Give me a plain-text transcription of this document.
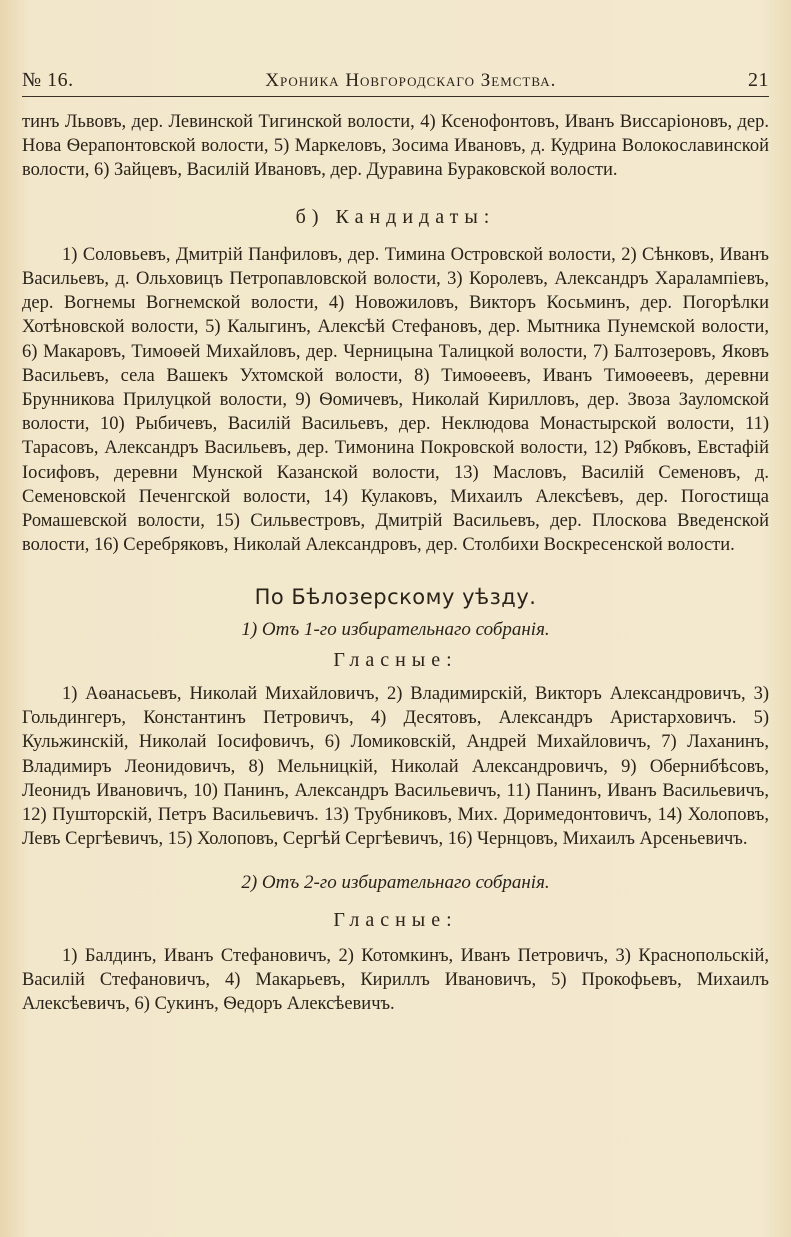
№ 16.	Хроника Новгородскаго Земства.	21

тинъ Львовъ, дер. Левинской Тигинской волости, 4) Ксенофонтовъ, Иванъ Виссаріоновъ, дер. Нова Ѳерапонтовской волости, 5) Маркеловъ, Зосима Ивановъ, д. Кудрина Волокославинской волости, 6) Зайцевъ, Василій Ивановъ, дер. Дуравина Бураковской волости.

б) Кандидаты:

1) Соловьевъ, Дмитрій Панфиловъ, дер. Тимина Островской волости, 2) Сѣнковъ, Иванъ Васильевъ, д. Ольховицъ Петропавловской волости, 3) Королевъ, Александръ Харалампіевъ, дер. Вогнемы Вогнемской волости, 4) Новожиловъ, Викторъ Косьминъ, дер. Погорѣлки Хотѣновской волости, 5) Калыгинъ, Алексѣй Стефановъ, дер. Мытника Пунемской волости, 6) Макаровъ, Тимоѳей Михайловъ, дер. Черницына Талицкой волости, 7) Балтозеровъ, Яковъ Васильевъ, села Вашекъ Ухтомской волости, 8) Тимоѳеевъ, Иванъ Тимоѳеевъ, деревни Брунникова Прилуцкой волости, 9) Ѳомичевъ, Николай Кирилловъ, дер. Звоза Зауломской волости, 10) Рыбичевъ, Василій Васильевъ, дер. Неклюдова Монастырской волости, 11) Тарасовъ, Александръ Васильевъ, дер. Тимонина Покровской волости, 12) Рябковъ, Евстафій Іосифовъ, деревни Мунской Казанской волости, 13) Масловъ, Василій Семеновъ, д. Семеновской Печенгской волости, 14) Кулаковъ, Михаилъ Алексѣевъ, дер. Погостища Ромашевской волости, 15) Сильвестровъ, Дмитрій Васильевъ, дер. Плоскова Введенской волости, 16) Серебряковъ, Николай Александровъ, дер. Столбихи Воскресенской волости.

По Бѣлозерскому уѣзду.

1) Отъ 1-го избирательнаго собранія.

Гласные:

1) Аѳанасьевъ, Николай Михайловичъ, 2) Владимирскій, Викторъ Александровичъ, 3) Гольдингеръ, Константинъ Петровичъ, 4) Десятовъ, Александръ Аристарховичъ. 5) Кульжинскій, Николай Іосифовичъ, 6) Ломиковскій, Андрей Михайловичъ, 7) Лаханинъ, Владимиръ Леонидовичъ, 8) Мельницкій, Николай Александровичъ, 9) Обернибѣсовъ, Леонидъ Ивановичъ, 10) Панинъ, Александръ Васильевичъ, 11) Панинъ, Иванъ Васильевичъ, 12) Пушторскій, Петръ Васильевичъ. 13) Трубниковъ, Мих. Доримедонтовичъ, 14) Холоповъ, Левъ Сергѣевичъ, 15) Холоповъ, Сергѣй Сергѣевичъ, 16) Чернцовъ, Михаилъ Арсеньевичъ.

2) Отъ 2-го избирательнаго собранія.

Гласные:

1) Балдинъ, Иванъ Стефановичъ, 2) Котомкинъ, Иванъ Петровичъ, 3) Краснопольскій, Василій Стефановичъ, 4) Макарьевъ, Кириллъ Ивановичъ, 5) Прокофьевъ, Михаилъ Алексѣевичъ, 6) Сукинъ, Ѳедоръ Алексѣевичъ.
